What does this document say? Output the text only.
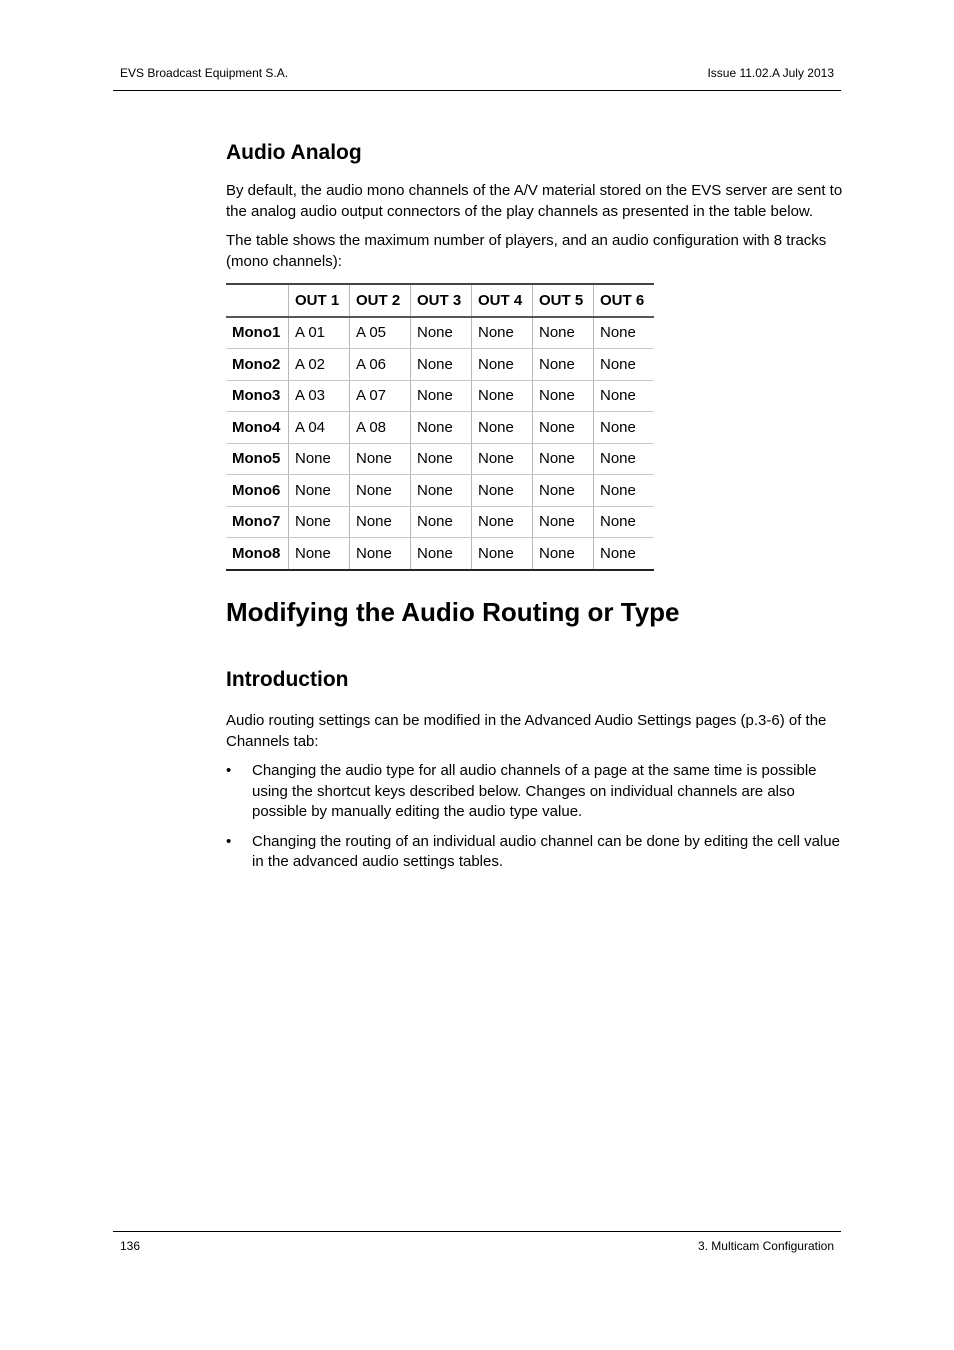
EVS Broadcast Equipment S.A.	Issue 11.02.A July 2013
Audio Analog

By default, the audio mono channels of the A/V material stored on the EVS server are sent to the analog audio output connectors of the play channels as presented in the table below.

The table shows the maximum number of players, and an audio configuration with 8 tracks (mono channels):

	OUT 1	OUT 2	OUT 3	OUT 4	OUT 5	OUT 6
Mono1	A 01	A 05	None	None	None	None
Mono2	A 02	A 06	None	None	None	None
Mono3	A 03	A 07	None	None	None	None
Mono4	A 04	A 08	None	None	None	None
Mono5	None	None	None	None	None	None
Mono6	None	None	None	None	None	None
Mono7	None	None	None	None	None	None
Mono8	None	None	None	None	None	None
Modifying the Audio Routing or Type
Introduction

Audio routing settings can be modified in the Advanced Audio Settings pages (p.3-6) of the Channels tab:

• Changing the audio type for all audio channels of a page at the same time is possible using the shortcut keys described below. Changes on individual channels are also possible by manually editing the audio type value.
• Changing the routing of an individual audio channel can be done by editing the cell value in the advanced audio settings tables.
136	3. Multicam Configuration
